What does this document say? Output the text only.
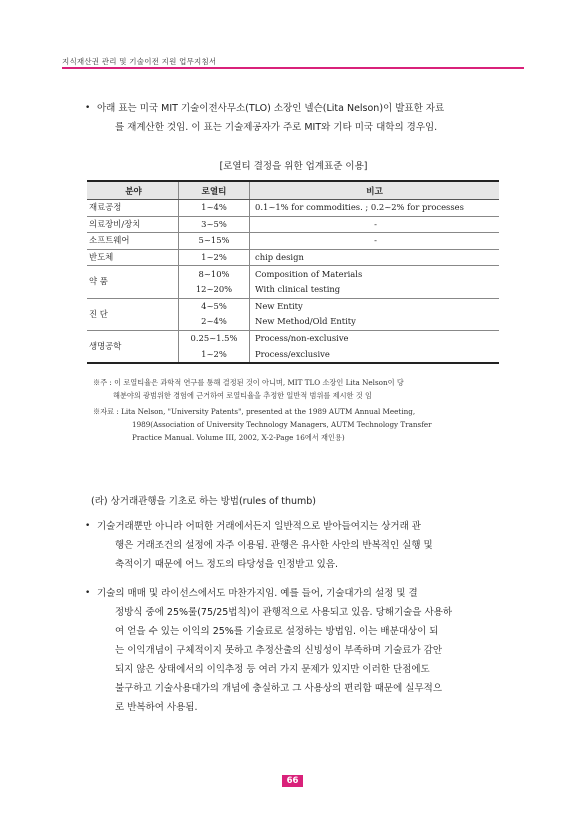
지식재산권 관리 및 기술이전 지원 업무지침서
• 아래 표는 미국 MIT 기술이전사무소(TLO) 소장인 넬슨(Lita Nelson)이 발표한 자료
를 재계산한 것임. 이 표는 기술제공자가 주로 MIT와 기타 미국 대학의 경우임.
[로열티 결정을 위한 업계표준 이용]
분야	로열티	비고
재료공정	1~4%	0.1~1% for commodities. ; 0.2~2% for processes
의료장비/장치	3~5%	-
소프트웨어	5~15%	-
반도체	1~2%	chip design
약 품	8~10%	Composition of Materials
	12~20%	With clinical testing
진 단	4~5%	New Entity
	2~4%	New Method/Old Entity
생명공학	0.25~1.5%	Process/non-exclusive
	1~2%	Process/exclusive
※주 : 이 로열티율은 과학적 연구를 통해 결정된 것이 아니며, MIT TLO 소장인 Lita Nelson이 당
해분야의 광범위한 경험에 근거하여 로열티율을 추정한 일반적 범위를 제시한 것 임
※자료 : Lita Nelson, "University Patents", presented at the 1989 AUTM Annual Meeting,
1989(Association of University Technology Managers, AUTM Technology Transfer
Practice Manual. Volume III, 2002, X-2-Page 16에서 재인용)
(라) 상거래관행을 기초로 하는 방법(rules of thumb)
• 기술거래뿐만 아니라 어떠한 거래에서든지 일반적으로 받아들여지는 상거래 관
행은 거래조건의 설정에 자주 이용됨. 관행은 유사한 사안의 반복적인 실행 및
축적이기 때문에 어느 정도의 타당성을 인정받고 있음.
• 기술의 매매 및 라이선스에서도 마찬가지임. 예를 들어, 기술대가의 설정 및 결
정방식 중에 25%룰(75/25법칙)이 관행적으로 사용되고 있음. 당해기술을 사용하
여 얻을 수 있는 이익의 25%를 기술료로 설정하는 방법임. 이는 배분대상이 되
는 이익개념이 구체적이지 못하고 추정산출의 신빙성이 부족하며 기술료가 감안
되지 않은 상태에서의 이익추정 등 여러 가지 문제가 있지만 이러한 단점에도
불구하고 기술사용대가의 개념에 충실하고 그 사용상의 편리함 때문에 실무적으
로 반복하여 사용됨.
66
